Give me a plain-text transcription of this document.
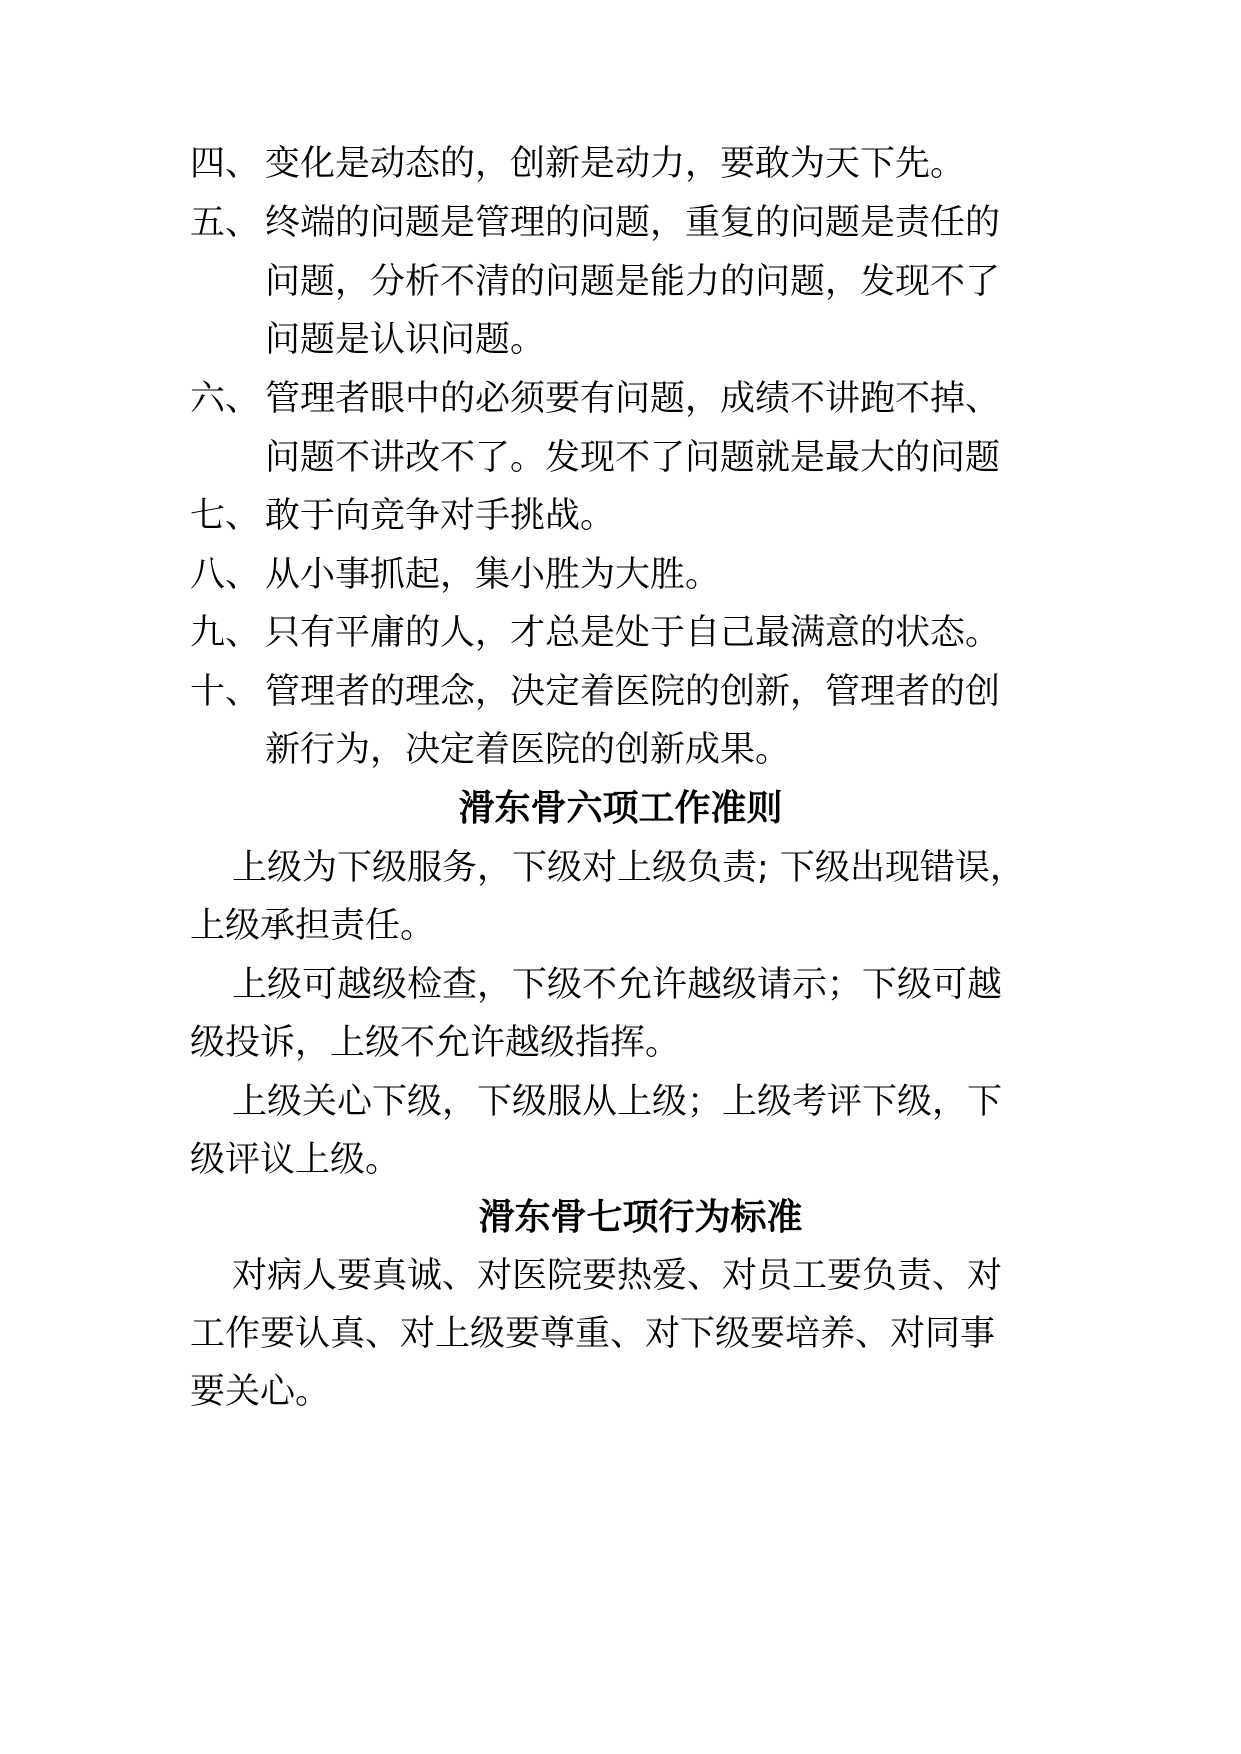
四、 变化是动态的，创新是动力，要敢为天下先。
五、 终端的问题是管理的问题，重复的问题是责任的
问题，分析不清的问题是能力的问题，发现不了
问题是认识问题。
六、 管理者眼中的必须要有问题，成绩不讲跑不掉、
问题不讲改不了。发现不了问题就是最大的问题
七、 敢于向竞争对手挑战。
八、 从小事抓起，集小胜为大胜。
九、 只有平庸的人，才总是处于自己最满意的状态。
十、 管理者的理念，决定着医院的创新，管理者的创
新行为，决定着医院的创新成果。
滑东骨六项工作准则
上级为下级服务，下级对上级负责; 下级出现错误，
上级承担责任。
上级可越级检查，下级不允许越级请示；下级可越
级投诉，上级不允许越级指挥。
上级关心下级，下级服从上级；上级考评下级，下
级评议上级。
滑东骨七项行为标准
对病人要真诚、对医院要热爱、对员工要负责、对
工作要认真、对上级要尊重、对下级要培养、对同事
要关心。
